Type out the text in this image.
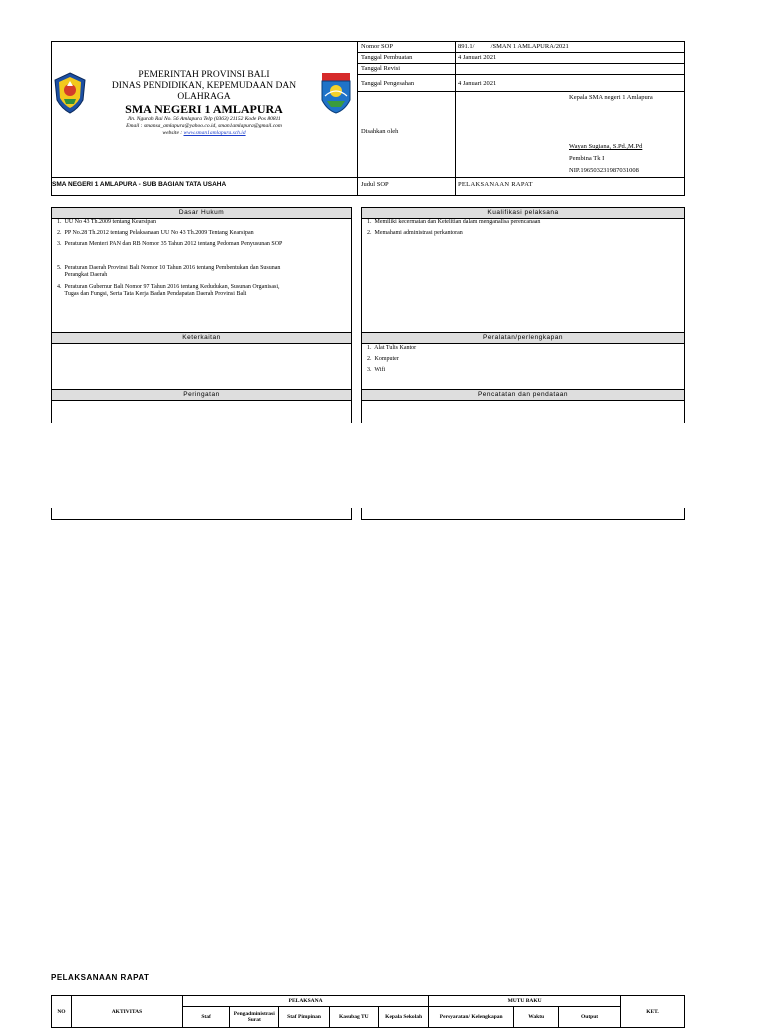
PEMERINTAH PROVINSI BALI
DINAS PENDIDIKAN, KEPEMUDAAN DAN OLAHRAGA
SMA NEGERI 1 AMLAPURA
Jln. Ngurah Rai No. 56 Amlapura Telp (0363) 21152 Kode Pos 80811
Email : smansa_amlapura@yahoo.co.id, sman1amlapura@gmail.com
website : www.sman1amlapura.sch.id
Nomor SOP	891.1/          /SMAN 1 AMLAPURA/2021
Tanggal Pembuatan	4 Januari 2021
Tanggal Revisi
Tanggal Pengesahan	4 Januari 2021
Disahkan oleh
Kepala SMA negeri 1 Amlapura
Wayan Sugiana, S.Pd.,M.Pd
Pembina Tk I
NIP.196503231987031008
SMA NEGERI 1 AMLAPURA - SUB BAGIAN TATA USAHA	Judul SOP	PELAKSANAAN RAPAT
Dasar Hukum
1.  UU No 43 Th.2009 tentang Kearsipan
2.  PP No.28 Th.2012 tentang Pelaksanaan UU No 43 Th.2009 Tentang Kearsipan
3.  Peraturan Menteri PAN dan RB Nomor 35 Tahun 2012 tentang Pedoman Penyusunan SOP
5.  Peraturan Daerah Provinsi Bali Nomor 10 Tahun 2016 tentang Pembentukan dan Susunan
Perangkat Daerah
4.  Peraturan Gubernur Bali Nomor 97 Tahun 2016 tentang Kedudukan, Susunan Organisasi,
Tugas dan Fungsi, Serta Tata Kerja Badan Pendapatan Daerah Provinsi Bali
Keterkaitan
Peringatan
Kualifikasi pelaksana
1.  Memiliki kecermatan dan Ketelitian dalam menganalisa perencanaan
2.  Memahami administrasi perkantoran
Peralatan/perlengkapan
1.  Alat Tulis Kantor
2.  Komputer
3.  Wifi
Pencatatan dan pendataan
PELAKSANAAN RAPAT
NO	AKTIVITAS	PELAKSANA					MUTU BAKU			KET.
		Staf	Pengadministrasi Surat	Staf Pimpinan	Kasubag TU	Kepala Sekolah	Persyaratan/ Kelengkapan	Waktu	Output	
